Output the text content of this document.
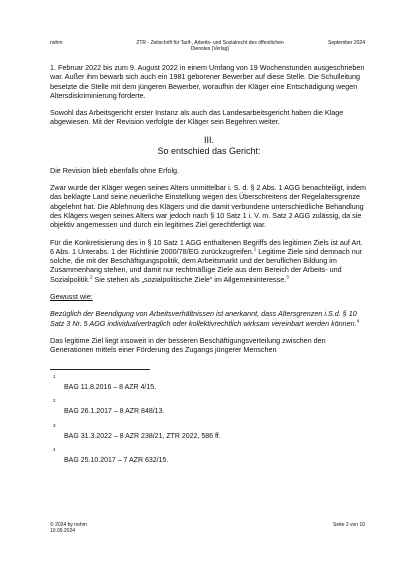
nohm	ZTR - Zeitschrift für Tarif-, Arbeits- und Sozialrecht des öffentlichen
Dienstes (Verlag)
September 2024

1. Februar 2022 bis zum 9. August 2022 in einem Umfang von 19 Wochenstunden ausgeschrieben war. Außer ihm bewarb sich auch ein 1981 geborener Bewerber auf diese Stelle. Die Schulleitung besetzte die Stelle mit dem jüngeren Bewerber, woraufhin der Kläger eine Entschädigung wegen Altersdiskriminierung forderte.

Sowohl das Arbeitsgericht erster Instanz als auch das Landesarbeitsgericht haben die Klage abgewiesen. Mit der Revision verfolgte der Kläger sein Begehren weiter.

III.
So entschied das Gericht:

Die Revision blieb ebenfalls ohne Erfolg.

Zwar wurde der Kläger wegen seines Alters unmittelbar i. S. d. § 2 Abs. 1 AGG benachteiligt, indem das beklagte Land seine neuerliche Einstellung wegen des Überschreitens der Regelaltersgrenze abgelehnt hat. Die Ablehnung des Klägers und die damit verbundene unterschiedliche Behandlung des Klägers wegen seines Alters war jedoch nach § 10 Satz 1 i. V. m. Satz 2 AGG zulässig, da sie objektiv angemessen und durch ein legitimes Ziel gerechtfertigt war.

Für die Konkretisierung des in § 10 Satz 1 AGG enthaltenen Begriffs des legitimen Ziels ist auf Art. 6 Abs. 1 Unterabs. 1 der Richtlinie 2000/78/EG zurückzugreifen.$^1$ Legitime Ziele sind demnach nur solche, die mit der Beschäftigungspolitik, dem Arbeitsmarkt und der beruflichen Bildung im Zusammenhang stehen, und damit nur rechtmäßige Ziele aus dem Bereich der Arbeits- und Sozialpolitik.$^2$ Sie stehen als „sozialpolitische Ziele“ im Allgemeininteresse.$^3$

Gewusst wie:

Bezüglich der Beendigung von Arbeitsverhältnissen ist anerkannt, dass Altersgrenzen i.S.d. § 10 Satz 3 Nr. 5 AGG individualvertraglich oder kollektivrechtlich wirksam vereinbart werden können.$^4$

Das legitime Ziel liegt insoweit in der besseren Beschäftigungsverteilung zwischen den Generationen mittels einer Förderung des Zugangs jüngerer Menschen

1
BAG 11.8.2016 – 8 AZR 4/15.
2
BAG 26.1.2017 – 8 AZR 848/13.
3
BAG 31.3.2022 – 8 AZR 238/21, ZTR 2022, 586 ff.
4
BAG 25.10.2017 – 7 AZR 632/15.
© 2024 by nohm
10.09.2024
Seite 2 von 10
